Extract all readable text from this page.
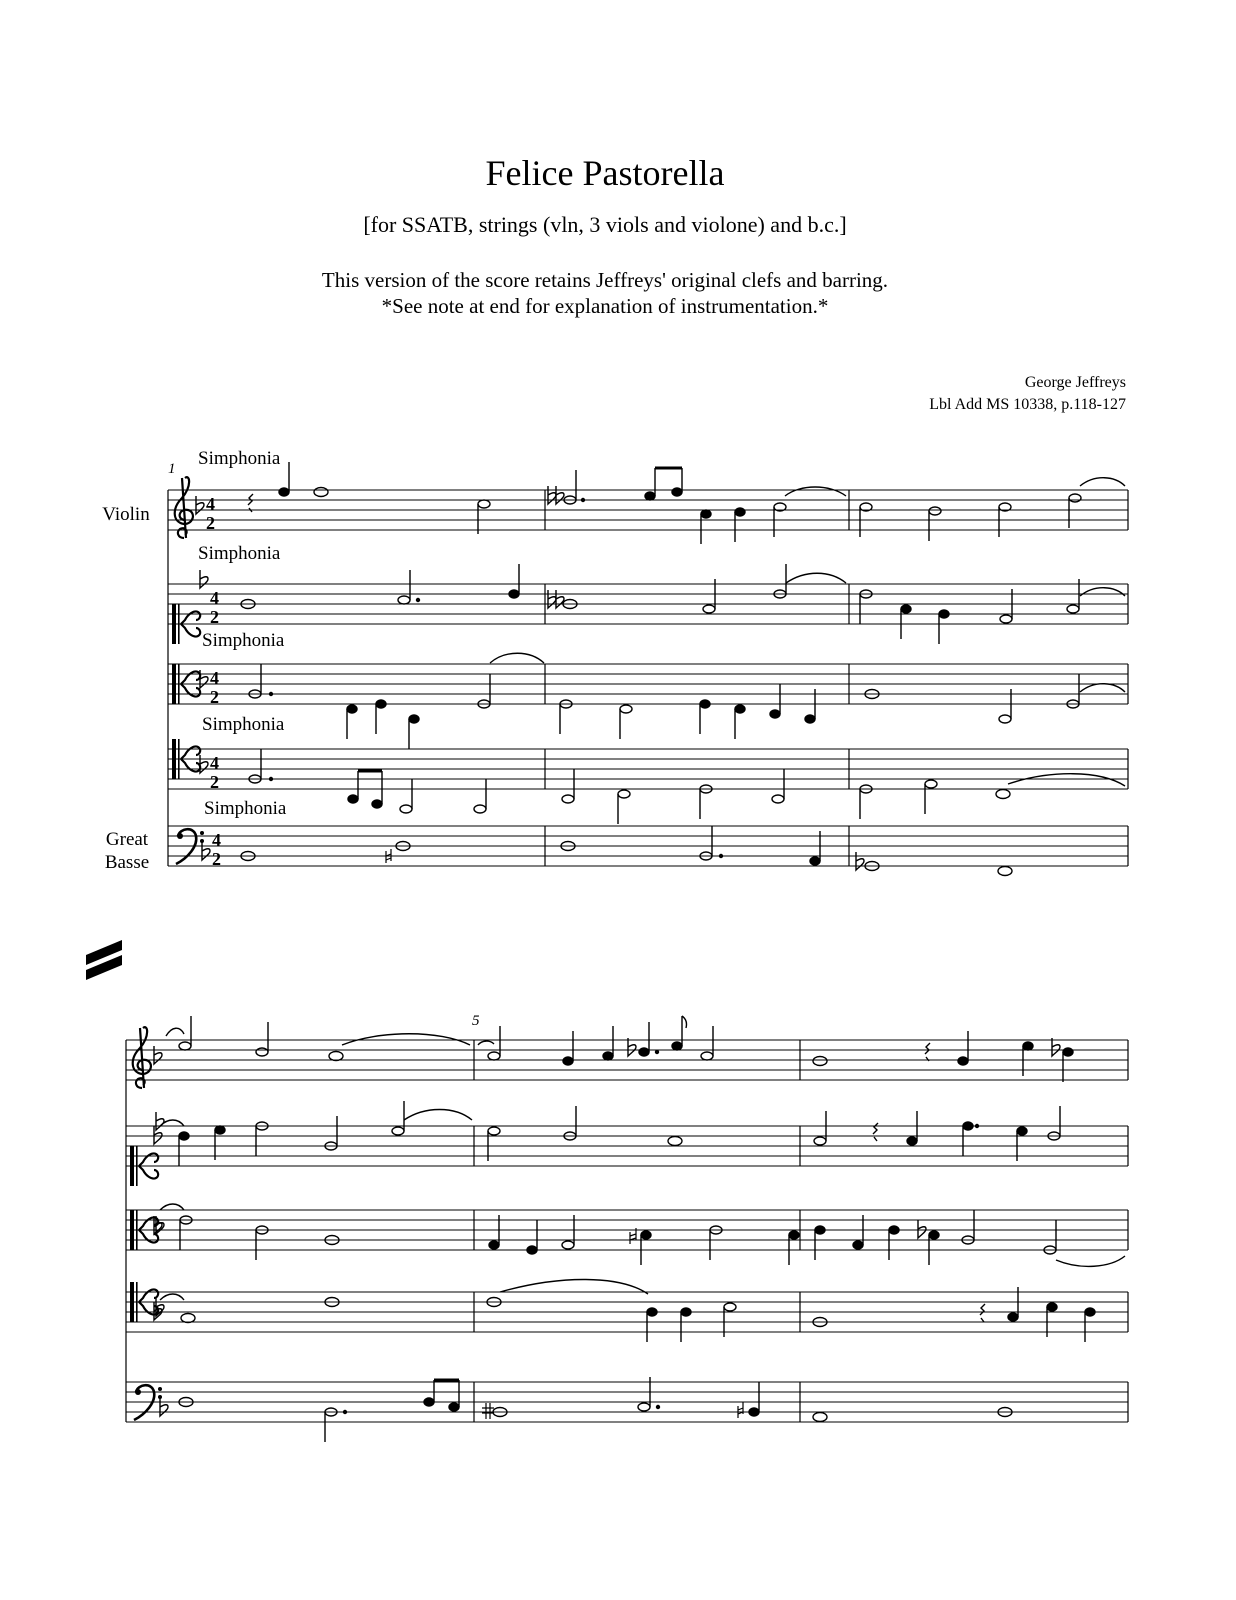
Felice Pastorella
[for SSATB, strings (vln, 3 viols and violone) and b.c.]
This version of the score retains Jeffreys' original clefs and barring.
*See note at end for explanation of instrumentation.*
George Jeffreys
Lbl Add MS 10338, p.118-127
1 Simphonia
Simphonia
Simphonia
Simphonia
Simphonia
Violin
Great
Basse
5
4
2
4
2
4
2
4
2
4
2
